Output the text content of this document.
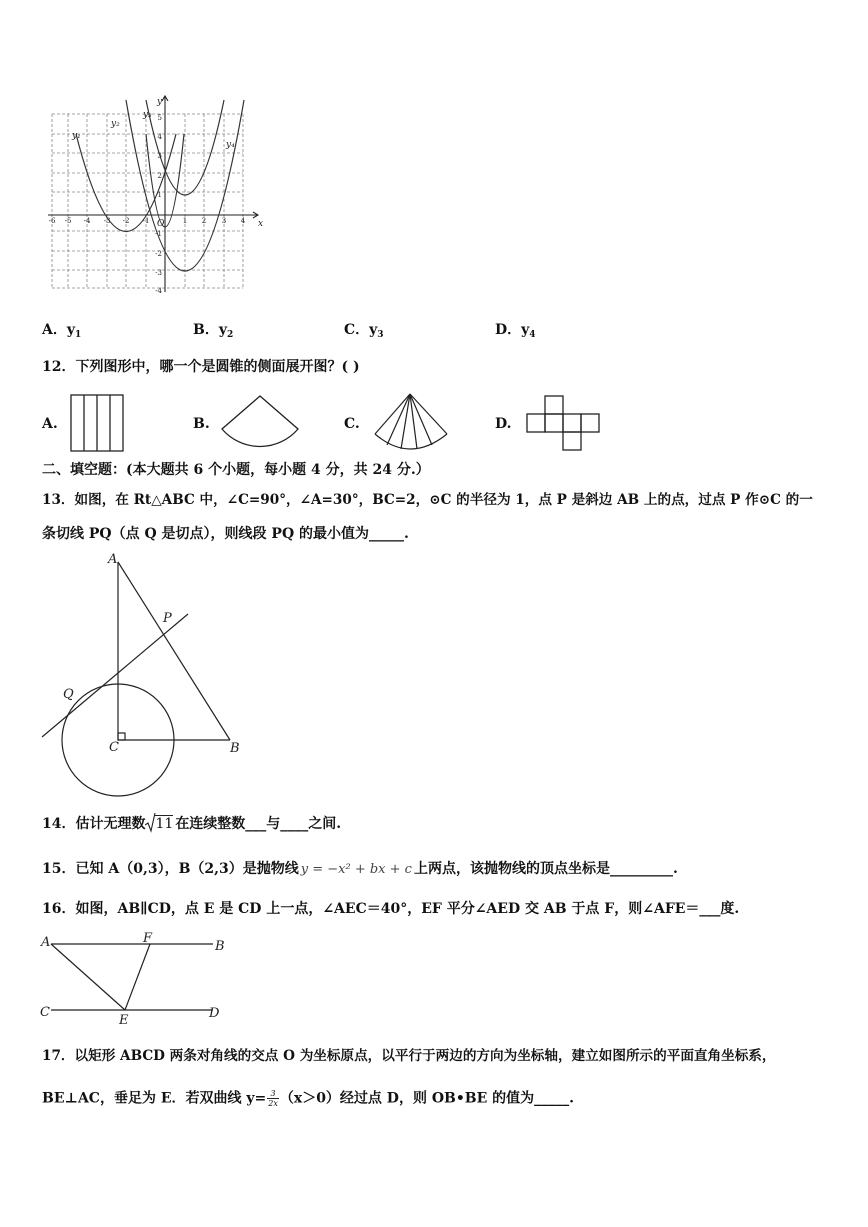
y₁
y₂
y₃
y₄
y
x
O
-6 -5 -4 -3 -2 -1	1 2 3 4
5
4
3
2
1
-1
-2
-3
-4
A．$y_1$	B．$y_2$	C．$y_3$	D．$y_4$
12．下列图形中，哪一个是圆锥的侧面展开图？( )
A.	B.	C.	D.
二、填空题：(本大题共 6 个小题，每小题 4 分，共 24 分.）
13．如图，在 Rt△ABC 中，∠C=90°，∠A=30°，BC=2，⊙C 的半径为 1，点 P 是斜边 AB 上的点，过点 P 作⊙C 的一
条切线 PQ（点 Q 是切点），则线段 PQ 的最小值为_____.
A
P
Q
C	B
14．估计无理数 11 在连续整数___与____之间.
15．已知 A（0,3），B（2,3）是抛物线 y = −x² + bx + c 上两点，该抛物线的顶点坐标是_________.
16．如图，AB∥CD，点 E 是 CD 上一点，∠AEC＝40°，EF 平分∠AED 交 AB 于点 F，则∠AFE＝___度.
A	F
B
C
E	D
17．以矩形 ABCD 两条对角线的交点 O 为坐标原点，以平行于两边的方向为坐标轴，建立如图所示的平面直角坐标系，
BE⊥AC，垂足为 E．若双曲线 $y= \frac{3}{2x} (x>0)$经过点 D，则 OB•BE 的值为_____.
